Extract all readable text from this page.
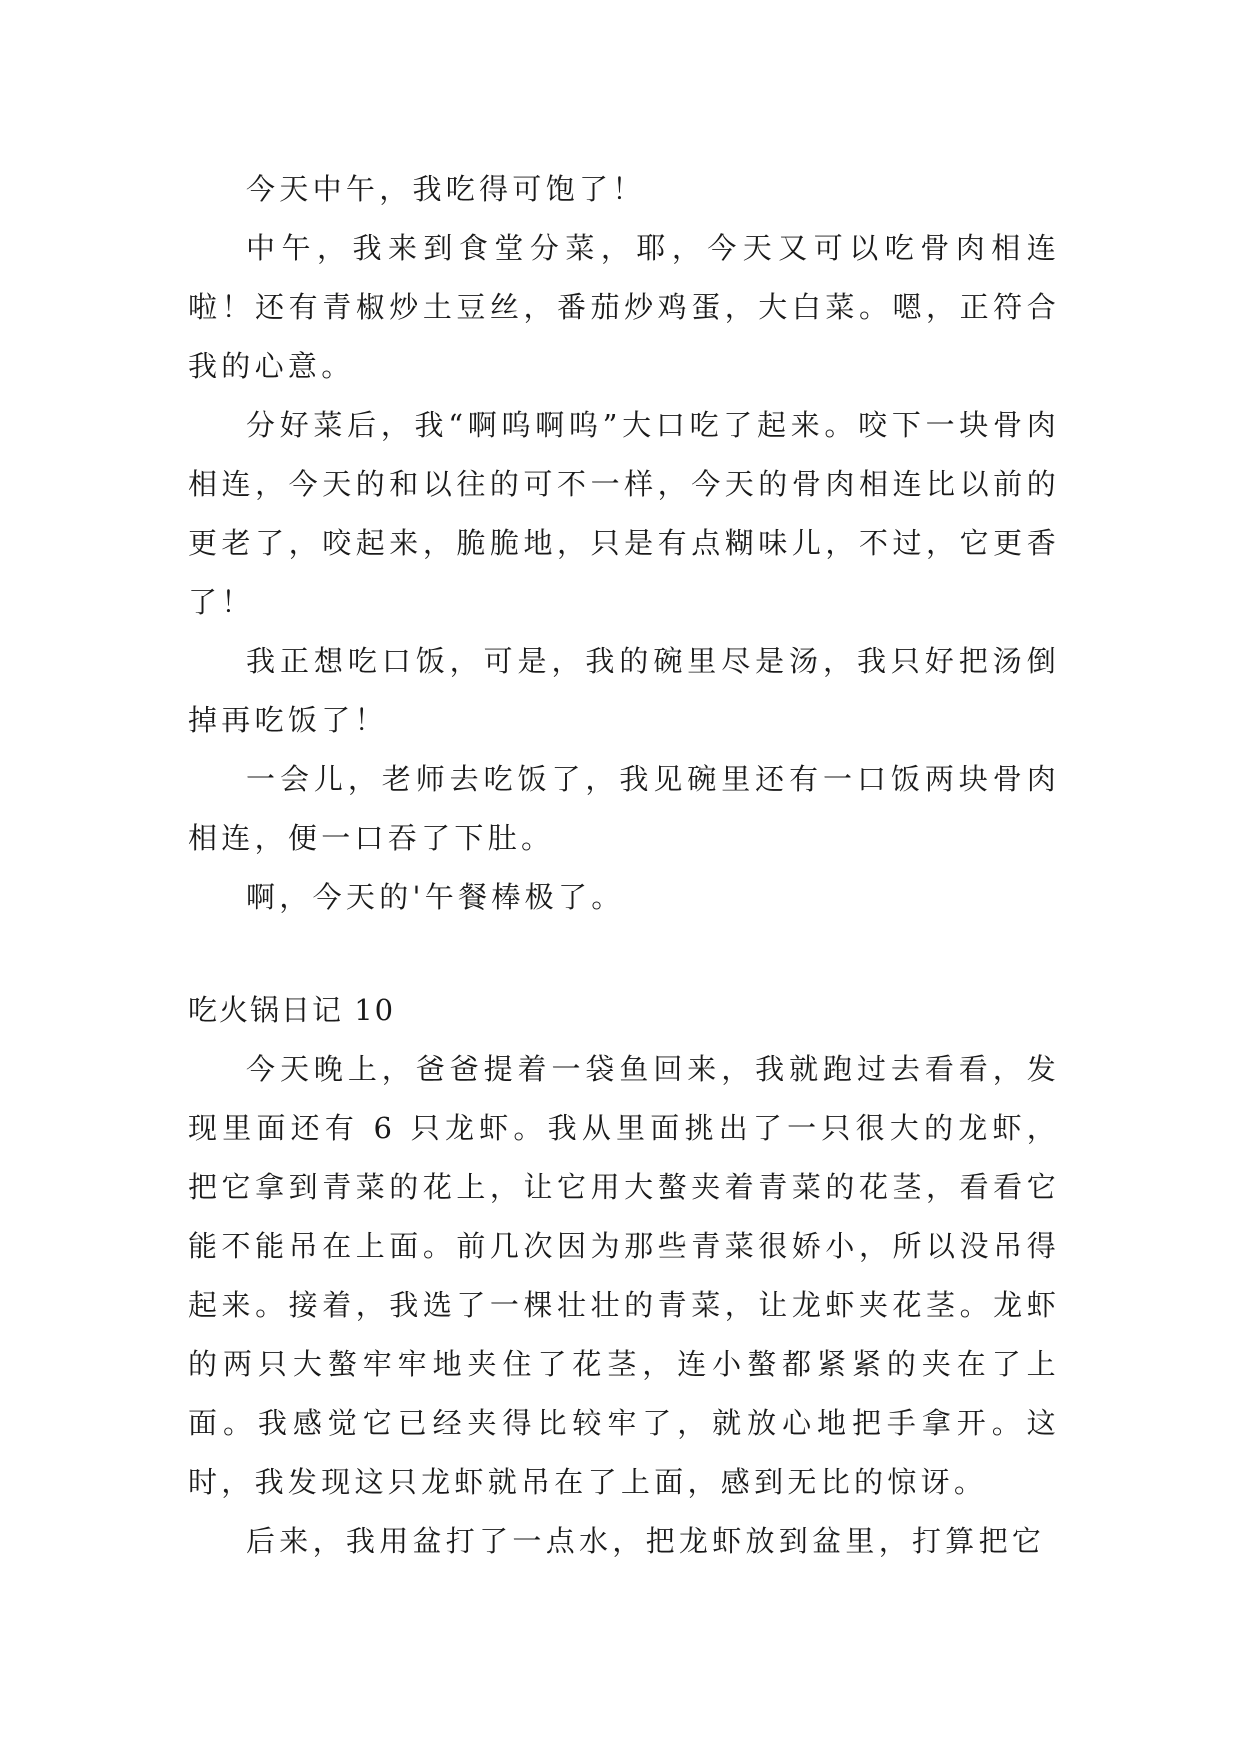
今天中午，我吃得可饱了！

中午，我来到食堂分菜，耶，今天又可以吃骨肉相连啦！还有青椒炒土豆丝，番茄炒鸡蛋，大白菜。嗯，正符合我的心意。

分好菜后，我“啊呜啊呜”大口吃了起来。咬下一块骨肉相连，今天的和以往的可不一样，今天的骨肉相连比以前的更老了，咬起来，脆脆地，只是有点糊味儿，不过，它更香了！

我正想吃口饭，可是，我的碗里尽是汤，我只好把汤倒掉再吃饭了！

一会儿，老师去吃饭了，我见碗里还有一口饭两块骨肉相连，便一口吞了下肚。

啊，今天的'午餐棒极了。

吃火锅日记 10

今天晚上，爸爸提着一袋鱼回来，我就跑过去看看，发现里面还有 6 只龙虾。我从里面挑出了一只很大的龙虾，把它拿到青菜的花上，让它用大螯夹着青菜的花茎，看看它能不能吊在上面。前几次因为那些青菜很娇小，所以没吊得起来。接着，我选了一棵壮壮的青菜，让龙虾夹花茎。龙虾的两只大螯牢牢地夹住了花茎，连小螯都紧紧的夹在了上面。我感觉它已经夹得比较牢了，就放心地把手拿开。这时，我发现这只龙虾就吊在了上面，感到无比的惊讶。

后来，我用盆打了一点水，把龙虾放到盆里，打算把它
